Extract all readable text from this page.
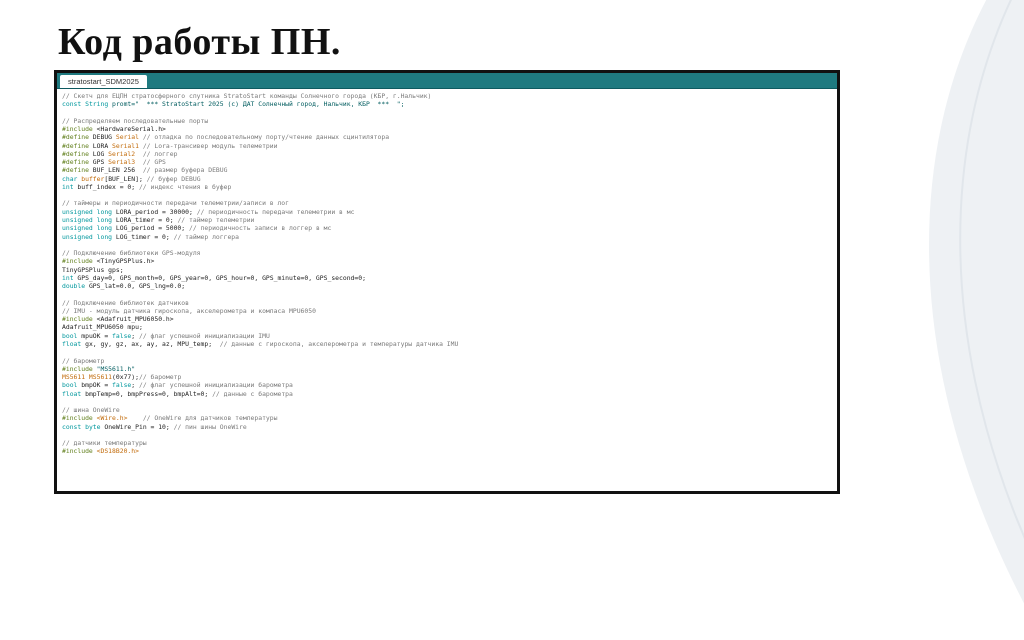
Код работы ПН.
stratostart_SDM2025
// Скетч для ЕЦПН стратосферного спутника StratoStart команды Солнечного города (КБР, г.Нальчик)
const String promt="  *** StratoStart 2025 (c) ДАТ Солнечный город, Нальчик, КБР  ***  ";

// Распределяем последовательные порты
#include <HardwareSerial.h>
#define DEBUG Serial // отладка по последовательному порту/чтение данных сцинтилятора
#define LORA Serial1 // Lora-трансивер модуль телеметрии
#define LOG Serial2  // логгер
#define GPS Serial3  // GPS
#define BUF_LEN 256  // размер буфера DEBUG
char buffer[BUF_LEN]; // буфер DEBUG
int buff_index = 0; // индекс чтения в буфер

// таймеры и периодичности передачи телеметрии/записи в лог
unsigned long LORA_period = 30000; // периодичность передачи телеметрии в мс
unsigned long LORA_timer = 0; // таймер телеметрии
unsigned long LOG_period = 5000; // периодичность записи в логгер в мс
unsigned long LOG_timer = 0; // таймер логгера

// Подключение библиотеки GPS-модуля
#include <TinyGPSPlus.h>
TinyGPSPlus gps;
int GPS_day=0, GPS_month=0, GPS_year=0, GPS_hour=0, GPS_minute=0, GPS_second=0;
double GPS_lat=0.0, GPS_lng=0.0;

// Подключение библиотек датчиков
// IMU - модуль датчика гироскопа, акселерометра и компаса MPU6050
#include <Adafruit_MPU6050.h>
Adafruit_MPU6050 mpu;
bool mpuOK = false; // флаг успешной инициализации IMU
float gx, gy, gz, ax, ay, az, MPU_temp;  // данные с гироскопа, акселерометра и температуры датчика IMU

// барометр
#include "MS5611.h"
MS5611 MS5611(0x77);// барометр
bool bmpOK = false; // флаг успешной инициализации барометра
float bmpTemp=0, bmpPress=0, bmpAlt=0; // данные с барометра

// шина OneWire
#include <Wire.h> // OneWire для датчиков температуры
const byte OneWire_Pin = 10; // пин шины OneWire

// датчики температуры
#include <DS18B20.h>
